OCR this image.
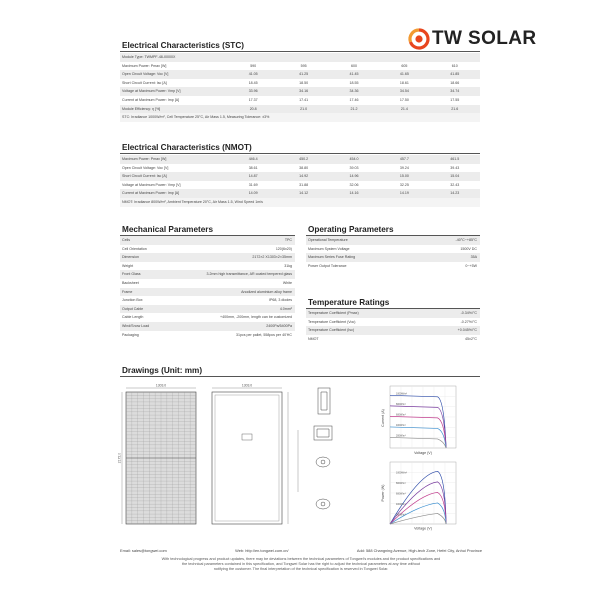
TW SOLAR
Electrical Characteristics (STC)
Module Type: TWMPF-48-I0000X					
Maximum Power: Pmax [W]	590	595	600	605	610
Open Circuit Voltage: Voc [V]	41.05	41.25	41.45	41.65	41.85
Short Circuit Current: Isc [A]	18.45	18.50	18.55	18.61	18.66
Voltage at Maximum Power: Vmp [V]	33.96	34.16	34.36	34.54	34.74
Current at Maximum Power: Imp [A]	17.37	17.41	17.46	17.50	17.55
Module Efficiency: η [%]	20.8	21.0	21.2	21.4	21.6
STC: Irradiance 1000W/m², Cell Temperature 25°C, Air Mass 1.5, Measuring Tolerance: ±3%					
Electrical Characteristics (NMOT)
Maximum Power: Pmax [W]	446.4	450.2	454.0	457.7	461.5
Open Circuit Voltage: Voc [V]	38.61	38.80	39.03	39.24	39.43
Short Circuit Current: Isc [A]	14.87	14.92	14.96	15.00	15.04
Voltage at Maximum Power: Vmp [V]	31.69	31.88	32.06	32.25	32.43
Current at Maximum Power: Imp [A]	14.09	14.12	14.16	14.19	14.23
NMOT: Irradiance 800W/m², Ambient Temperature 20°C, Air Mass 1.5, Wind Speed 1m/s					
Mechanical Parameters
Cells	TPC
Cell Orientation	120(6x20)
Dimension	2172×2 X1303×2×35mm
Weight	31kg
Front Glass	3.2mm high transmittance, AR coated tempered glass
Backsheet	White
Frame	Anodized aluminium alloy frame
Junction Box	IP68, 3 diodes
Output Cable	4.0mm²
Cable Length	+400mm, -200mm, length can be customized
Wind/Snow Load	2400Pa/5400Pa
Packaging	31pcs per pallet, 558pcs per 40'HC
Operating Parameters
Operational Temperature	-40°C~+85°C
Maximum System Voltage	1500V DC
Maximum Series Fuse Rating	35A
Power Output Tolerance	0~+5W
Temperature Ratings
Temperature Coefficient (Pmax)	-0.34%/°C
Temperature Coefficient (Voc)	-0.27%/°C
Temperature Coefficient (Isc)	+0.045%/°C
NMOT	45±2°C
Drawings (Unit: mm)
1303.0
2172.0
1303.0
1000W/m²
800W/m²
600W/m²
400W/m²
200W/m²
Current (A)
Voltage (V)
1000W/m²
800W/m²
600W/m²
400W/m²
200W/m²
Power (W)
Voltage (V)
Email: sales@tongwei.com	Web: http://en.tongwei.com.cn/	Add: 588 Changning Avenue, High-tech Zone, Hefei City, Anhui Province
With technological progress and product updates, there may be deviations between the technical parameters of Tongwei's modules and the product specifications and
the technical parameters contained in this specification, and Tongwei Solar has the right to adjust the technical parameters at any time without
notifying the customer. The final interpretation of the technical specification is reserved in Tongwei Solar.
